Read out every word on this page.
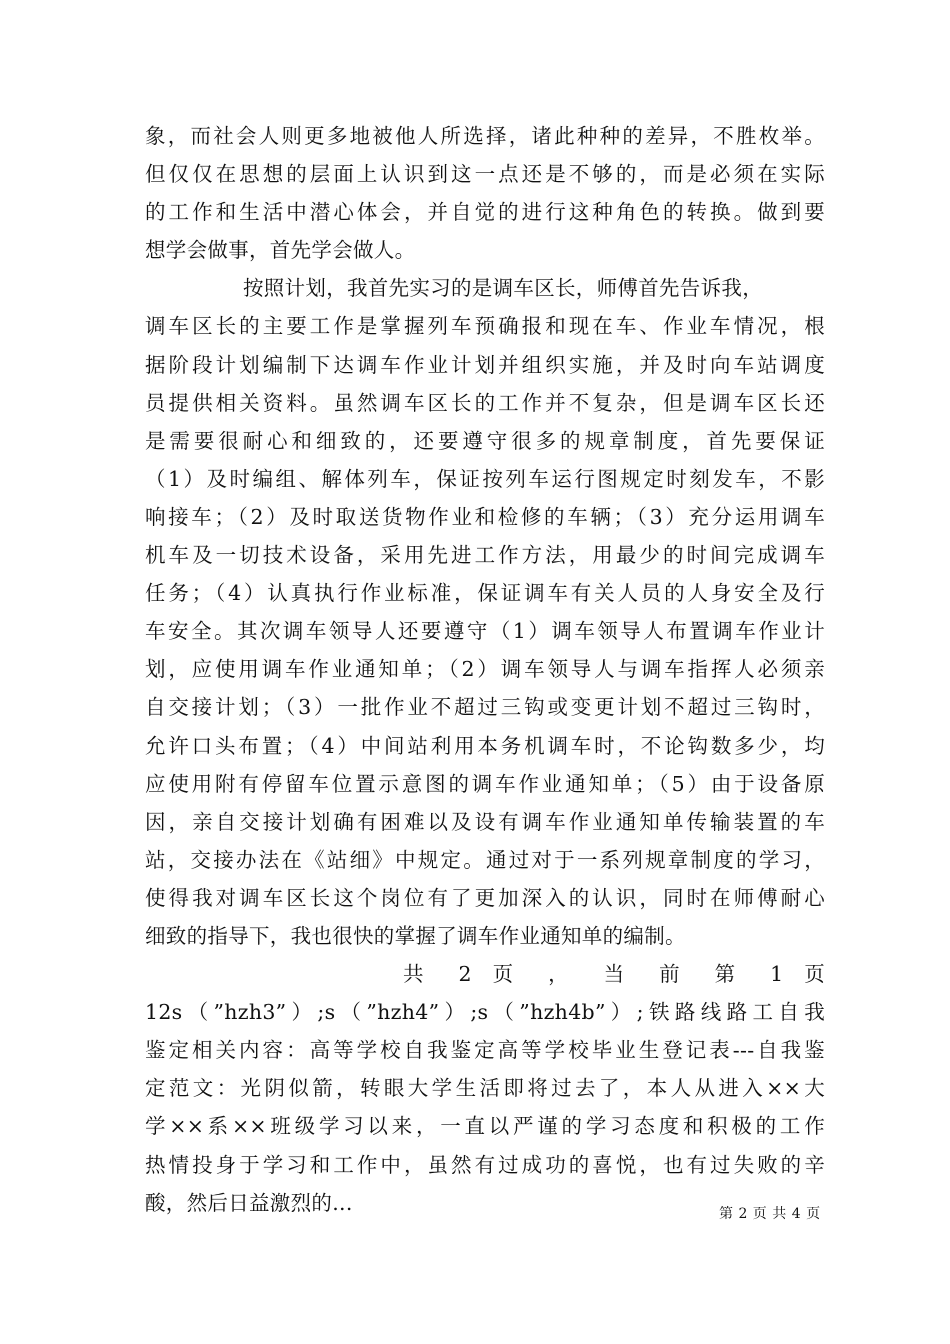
象，而社会人则更多地被他人所选择，诸此种种的差异，不胜枚举。
但仅仅在思想的层面上认识到这一点还是不够的，而是必须在实际
的工作和生活中潜心体会，并自觉的进行这种角色的转换。做到要
想学会做事，首先学会做人。
按照计划，我首先实习的是调车区长，师傅首先告诉我，
调车区长的主要工作是掌握列车预确报和现在车、作业车情况，根
据阶段计划编制下达调车作业计划并组织实施，并及时向车站调度
员提供相关资料。虽然调车区长的工作并不复杂，但是调车区长还
是需要很耐心和细致的，还要遵守很多的规章制度，首先要保证
（1）及时编组、解体列车，保证按列车运行图规定时刻发车，不影
响接车；（2）及时取送货物作业和检修的车辆；（3）充分运用调车
机车及一切技术设备，采用先进工作方法，用最少的时间完成调车
任务；（4）认真执行作业标准，保证调车有关人员的人身安全及行
车安全。其次调车领导人还要遵守（1）调车领导人布置调车作业计
划，应使用调车作业通知单；（2）调车领导人与调车指挥人必须亲
自交接计划；（3）一批作业不超过三钩或变更计划不超过三钩时，
允许口头布置；（4）中间站利用本务机调车时，不论钩数多少，均
应使用附有停留车位置示意图的调车作业通知单；（5）由于设备原
因，亲自交接计划确有困难以及设有调车作业通知单传输装置的车
站，交接办法在《站细》中规定。通过对于一系列规章制度的学习，
使得我对调车区长这个岗位有了更加深入的认识，同时在师傅耐心
细致的指导下，我也很快的掌握了调车作业通知单的编制。
共 2 页 ， 当 前 第 1 页
12s（”hzh3”）;s（”hzh4”）;s（”hzh4b”）;铁路线路工自我
鉴定相关内容：高等学校自我鉴定高等学校毕业生登记表---自我鉴
定范文：光阴似箭，转眼大学生活即将过去了，本人从进入××大
学××系××班级学习以来，一直以严谨的学习态度和积极的工作
热情投身于学习和工作中，虽然有过成功的喜悦，也有过失败的辛
酸，然后日益激烈的...	第 2 页 共 4 页
